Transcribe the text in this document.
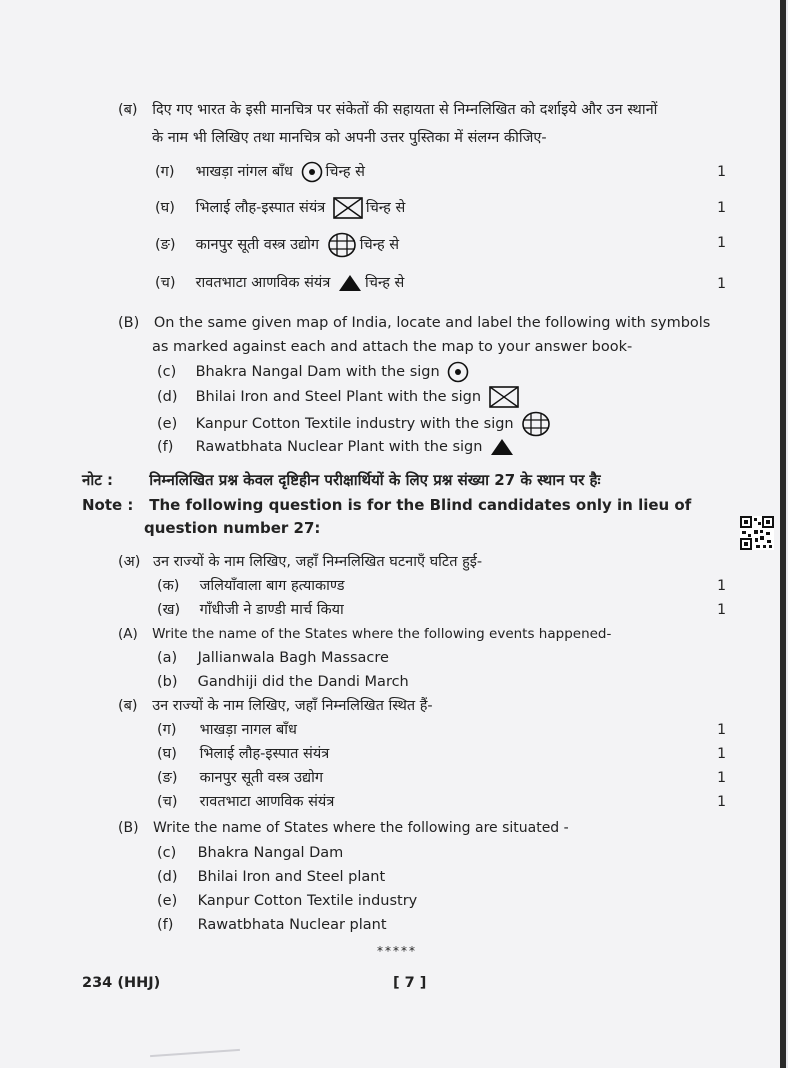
(ब) दिए गए भारत के इसी मानचित्र पर संकेतों की सहायता से निम्नलिखित को दर्शाइये और उन स्थानों
के नाम भी लिखिए तथा मानचित्र को अपनी उत्तर पुस्तिका में संलग्न कीजिए-
(ग) भाखड़ा नांगल बाँध चिन्ह से	1
(घ) भिलाई लौह-इस्पात संयंत्र ☒ चिन्ह से	1
(ङ) कानपुर सूती वस्त्र उद्योग	चिन्ह से	1
(च) रावतभाटा आणविक संयंत्र चिन्ह से	1
(B) On the same given map of India, locate and label the following with symbols
as marked against each and attach the map to your answer book-
(c) Bhakra Nangal Dam with the sign
(d) Bhilai Iron and Steel Plant with the sign
(e) Kanpur Cotton Textile industry with the sign
(f) Rawatbhata Nuclear Plant with the sign
नोट : निम्नलिखित प्रश्न केवल दृष्टिहीन परीक्षार्थियों के लिए प्रश्न संख्या 27 के स्थान पर हैः
Note : The following question is for the Blind candidates only in lieu of
question number 27:
(अ) उन राज्यों के नाम लिखिए, जहाँ निम्नलिखित घटनाएँ घटित हुई-
(क) जलियाँवाला बाग हत्याकाण्ड	1
(ख) गाँधीजी ने डाण्डी मार्च किया	1
(A) Write the name of the States where the following events happened-
(a) Jallianwala Bagh Massacre
(b) Gandhiji did the Dandi March
(ब) उन राज्यों के नाम लिखिए, जहाँ निम्नलिखित स्थित हैं-
(ग) भाखड़ा नागल बाँध	1
(घ) भिलाई लौह-इस्पात संयंत्र	1
(ङ) कानपुर सूती वस्त्र उद्योग	1
(च) रावतभाटा आणविक संयंत्र	1
(B) Write the name of States where the following are situated -
(c) Bhakra Nangal Dam
(d) Bhilai Iron and Steel plant
(e) Kanpur Cotton Textile industry
(f) Rawatbhata Nuclear plant
*****
234 (HHJ)	[ 7 ]
